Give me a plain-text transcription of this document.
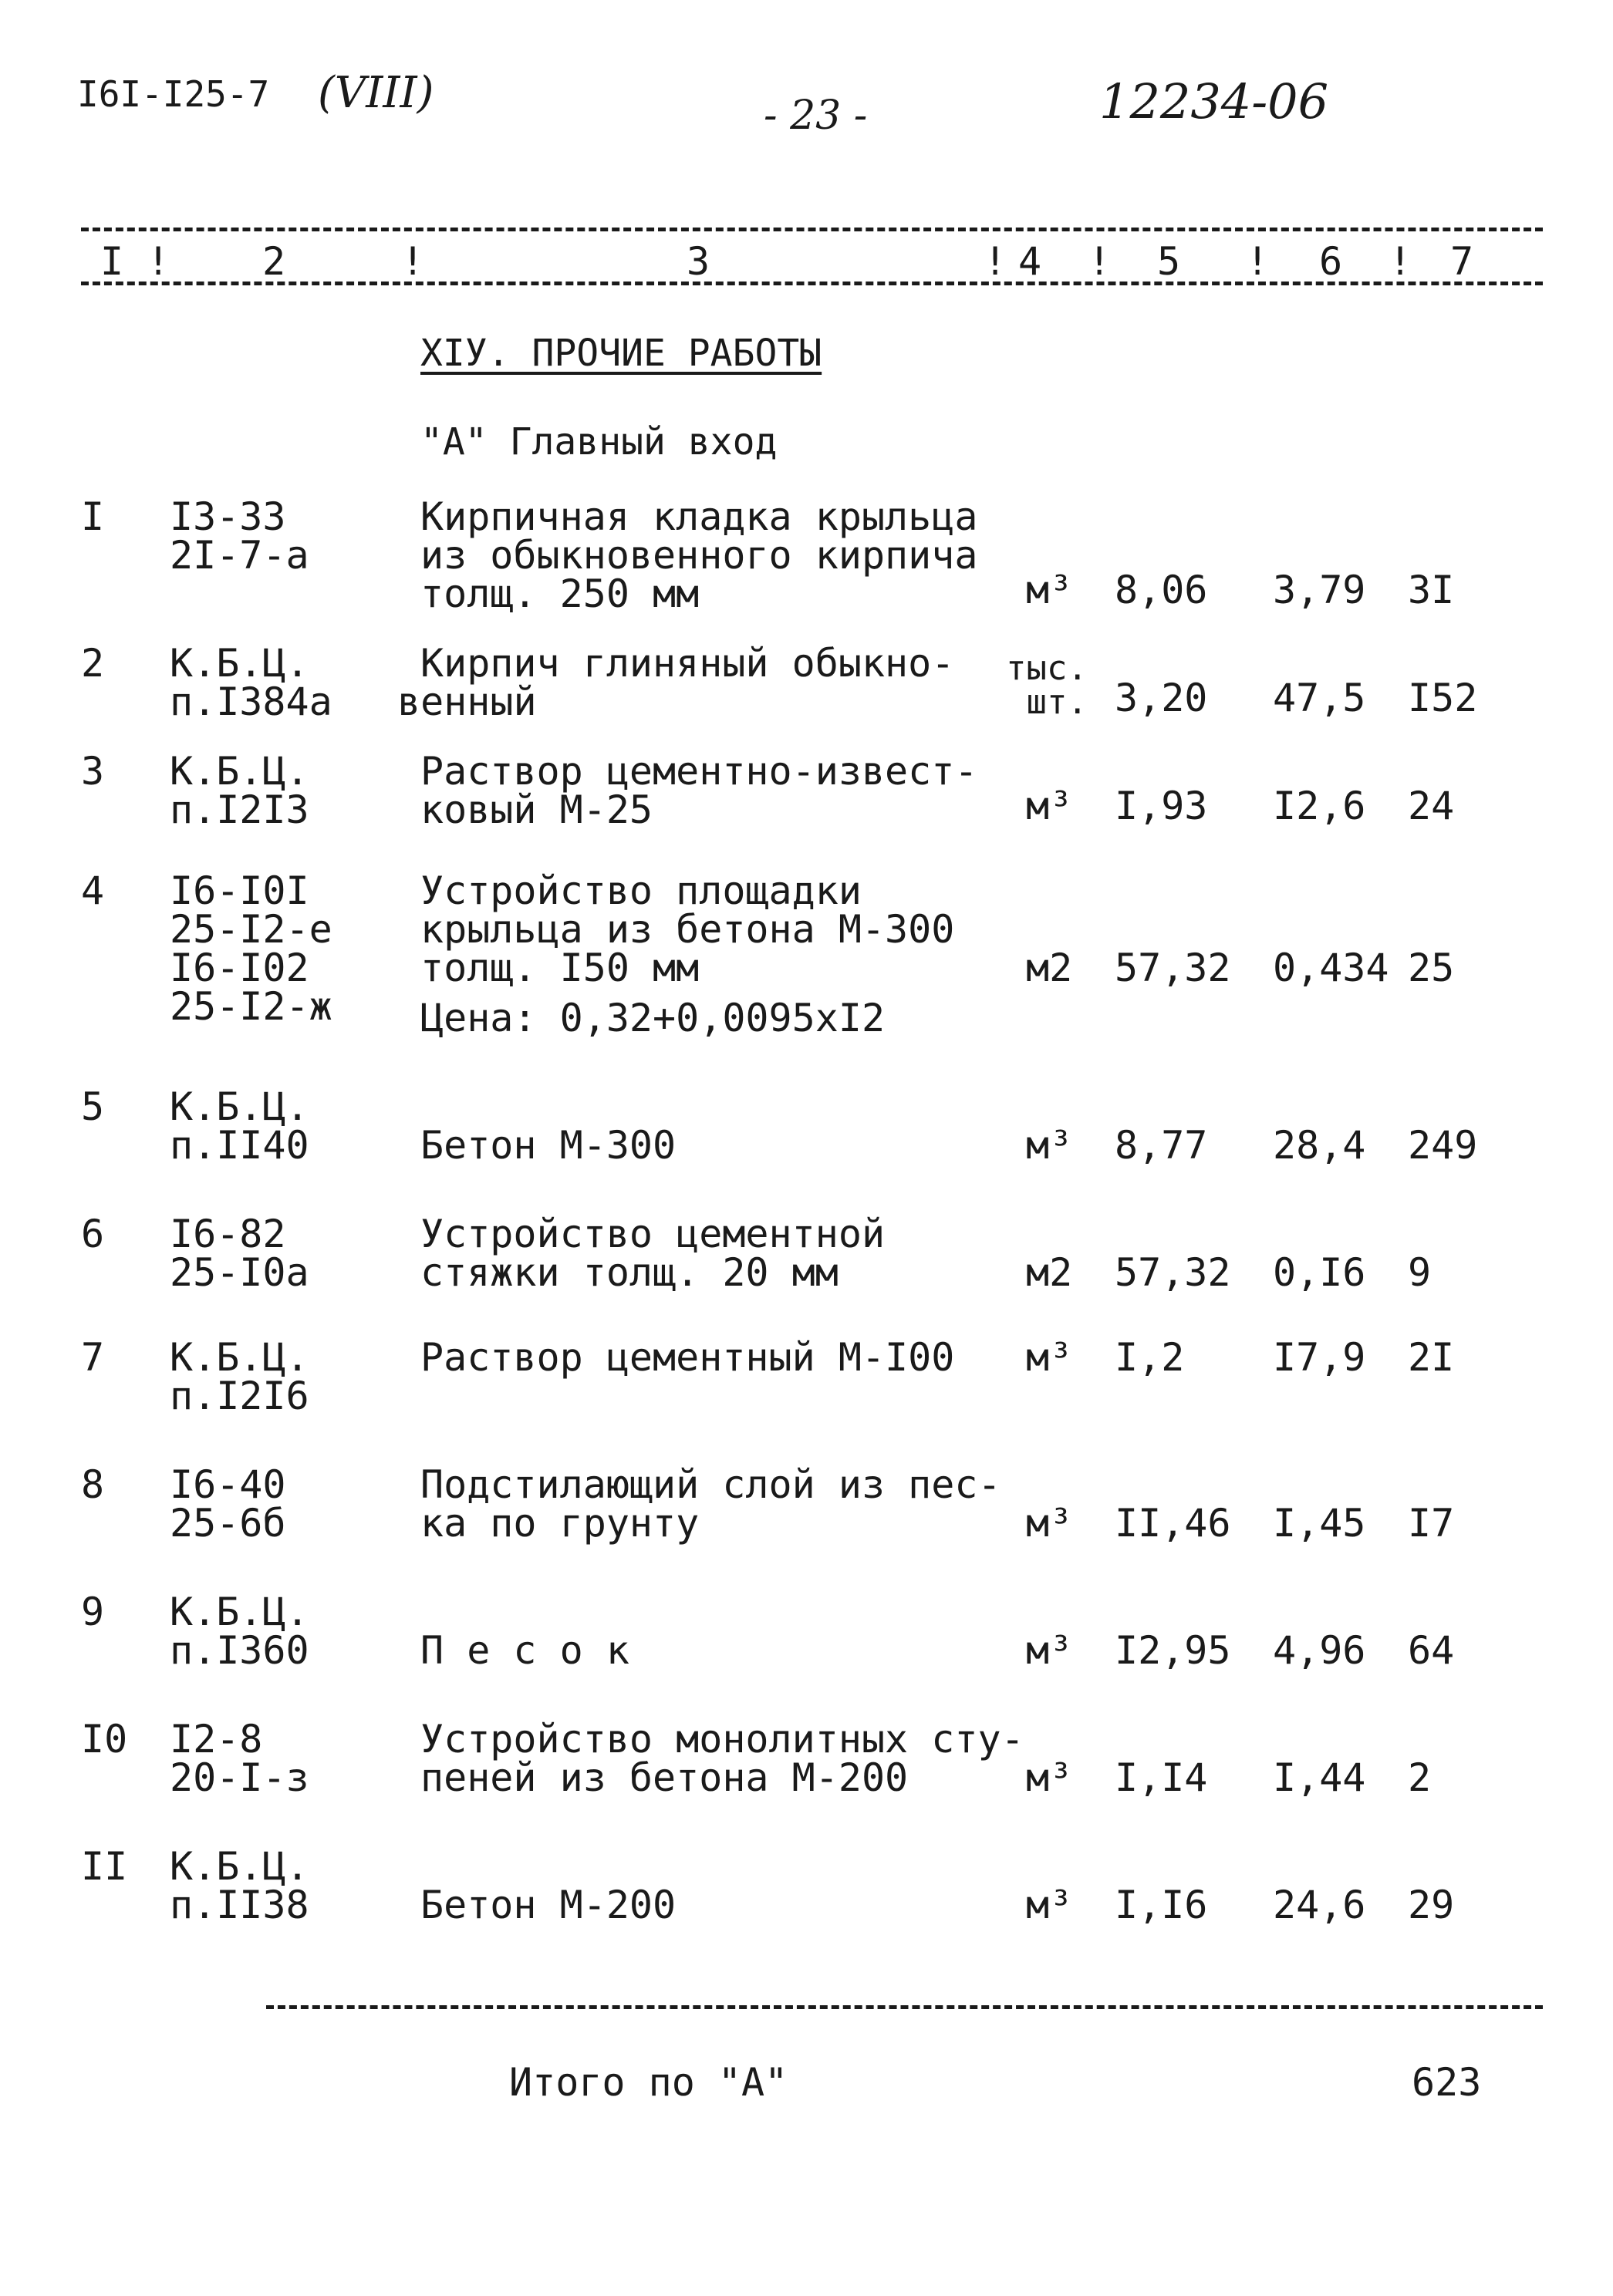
I6I-I25-7 (VIII)	- 23 -	12234-06
I ! 2	!	3	! 4 ! 5 ! 6 ! 7
XIУ. ПРОЧИЕ РАБОТЫ
"А" Главный вход
I I3-33
2I-7-а
Кирпичная кладка крыльца
из обыкновенного кирпича
толщ. 250 мм	м³ 8,06 3,79 3I
2 К.Б.Ц.
п.I384а
Кирпич глиняный обыкно-
венный
тыс. шт. 3,20 47,5 I52
3 К.Б.Ц.
п.I2I3
Раствор цементно-извест-
ковый М-25	м³ I,93 I2,6 24
4 I6-I0I
25-I2-е
I6-I02
25-I2-ж
Устройство площадки
крыльца из бетона М-300
толщ. I50 мм
Цена: 0,32+0,0095хI2
м2 57,32 0,434 25
5 К.Б.Ц.
п.II40	Бетон М-300	м³ 8,77 28,4 249
6 I6-82
25-I0а
Устройство цементной
стяжки толщ. 20 мм	м2 57,32 0,I6 9
7 К.Б.Ц.
п.I2I6
Раствор цементный М-I00 м³ I,2 I7,9 2I
8 I6-40
25-6б
Подстилающий слой из пес-
ка по грунту	м³ II,46 I,45 I7
9 К.Б.Ц.
п.I360	П е с о к	м³ I2,95 4,96 64
I0 I2-8
20-I-з
Устройство монолитных сту-
пеней из бетона М-200	м³ I,I4 I,44 2
II К.Б.Ц.
п.II38	Бетон М-200	м³ I,I6 24,6 29
Итого по "А"	623
